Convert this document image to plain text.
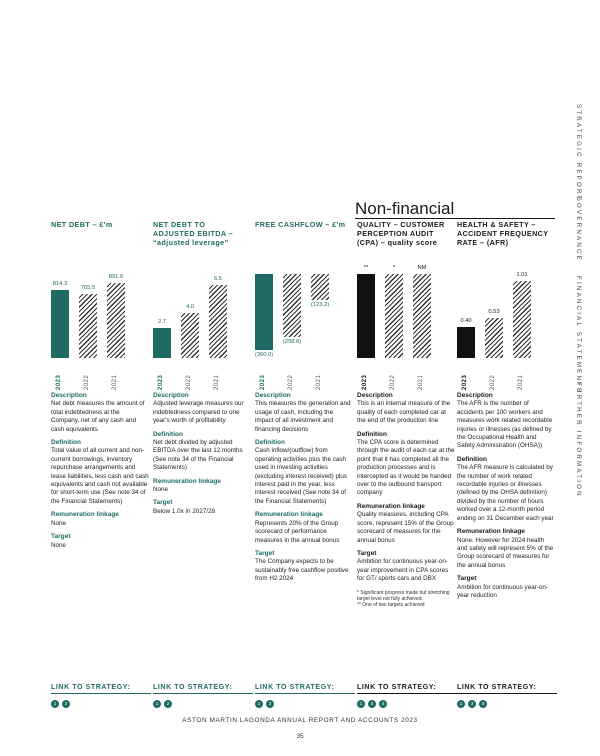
STRATEGIC REPORT
GOVERNANCE
FINANCIAL STATEMENTS
FURTHER INFORMATION
Non-financial
NET DEBT – £'m
814.3
2023
765.5
2022
891.6
2021
Description

Net debt measures the amount of total indebtedness at the Company, net of any cash and cash equivalents

Definition

Total value of all current and non-current borrowings, inventory repurchase arrangements and lease liabilities, less cash and cash equivalents and cash not available for short-term use (See note 34 of the Financial Statements)

Remuneration linkage

None

Target

None

NET DEBT TO ADJUSTED EBITDA –
“adjusted leverage”
2.7
2023
4.0
2022
6.5
2021
Description

Adjusted leverage measures our indebtedness compared to one year's worth of profitability

Definition

Net debt divided by adjusted EBITDA over the last 12 months (See note 34 of the Financial Statements)

Remuneration linkage

None

Target

Below 1.0x in 2027/28

FREE CASHFLOW – £'m
(360.0)
2023
(298.8)
2022
(123.2)
2021
Description

This measures the generation and usage of cash, including the impact of all investment and financing decisions

Definition

Cash inflow/(outflow) from operating activities plus the cash used in investing activities (excluding interest received) plus interest paid in the year, less interest received (See note 34 of the Financial Statements)

Remuneration linkage

Represents 20% of the Group scorecard of performance measures in the annual bonus

Target

The Company expects to be sustainably free cashflow positive from H2 2024

QUALITY – CUSTOMER PERCEPTION AUDIT
(CPA) – quality score
**
2023
*
2022
NM
2021
Description

This is an internal measure of the quality of each completed car at the end of the production line

Definition

The CPA score is determined through the audit of each car at the point that it has completed all the production processes and is intercepted as it would be handed over to the outbound transport company

Remuneration linkage

Quality measures, including CPA score, represent 15% of the Group scorecard of measures for the annual bonus

Target

Ambition for continuous year-on-year improvement in CPA scores for GT/ sports cars and DBX

* Significant progress made but stretching target level not fully achieved.

** One of two targets achieved

HEALTH & SAFETY – ACCIDENT FREQUENCY
RATE – (AFR)
0.40
2023
0.53
2022
1.01
2021
Description

The AFR is the number of accidents per 100 workers and measures work related recordable injuries or illnesses (as defined by the Occupational Health and Safety Administration (OHSA))

Definition

The AFR measure is calculated by the number of work related recordable injuries or illnesses (defined by the OHSA definition) divided by the number of hours worked over a 12-month period ending on 31 December each year

Remuneration linkage

None. However for 2024 health and safety will represent 5% of the Group scorecard of measures for the annual bonus

Target

Ambition for continuous year-on-year reduction

LINK TO STRATEGY:
1	2
LINK TO STRATEGY:
1	2
LINK TO STRATEGY:
1	2
LINK TO STRATEGY:
1	3	4
LINK TO STRATEGY:
1	3	4
ASTON MARTIN LAGONDA ANNUAL REPORT AND ACCOUNTS 2023
35
